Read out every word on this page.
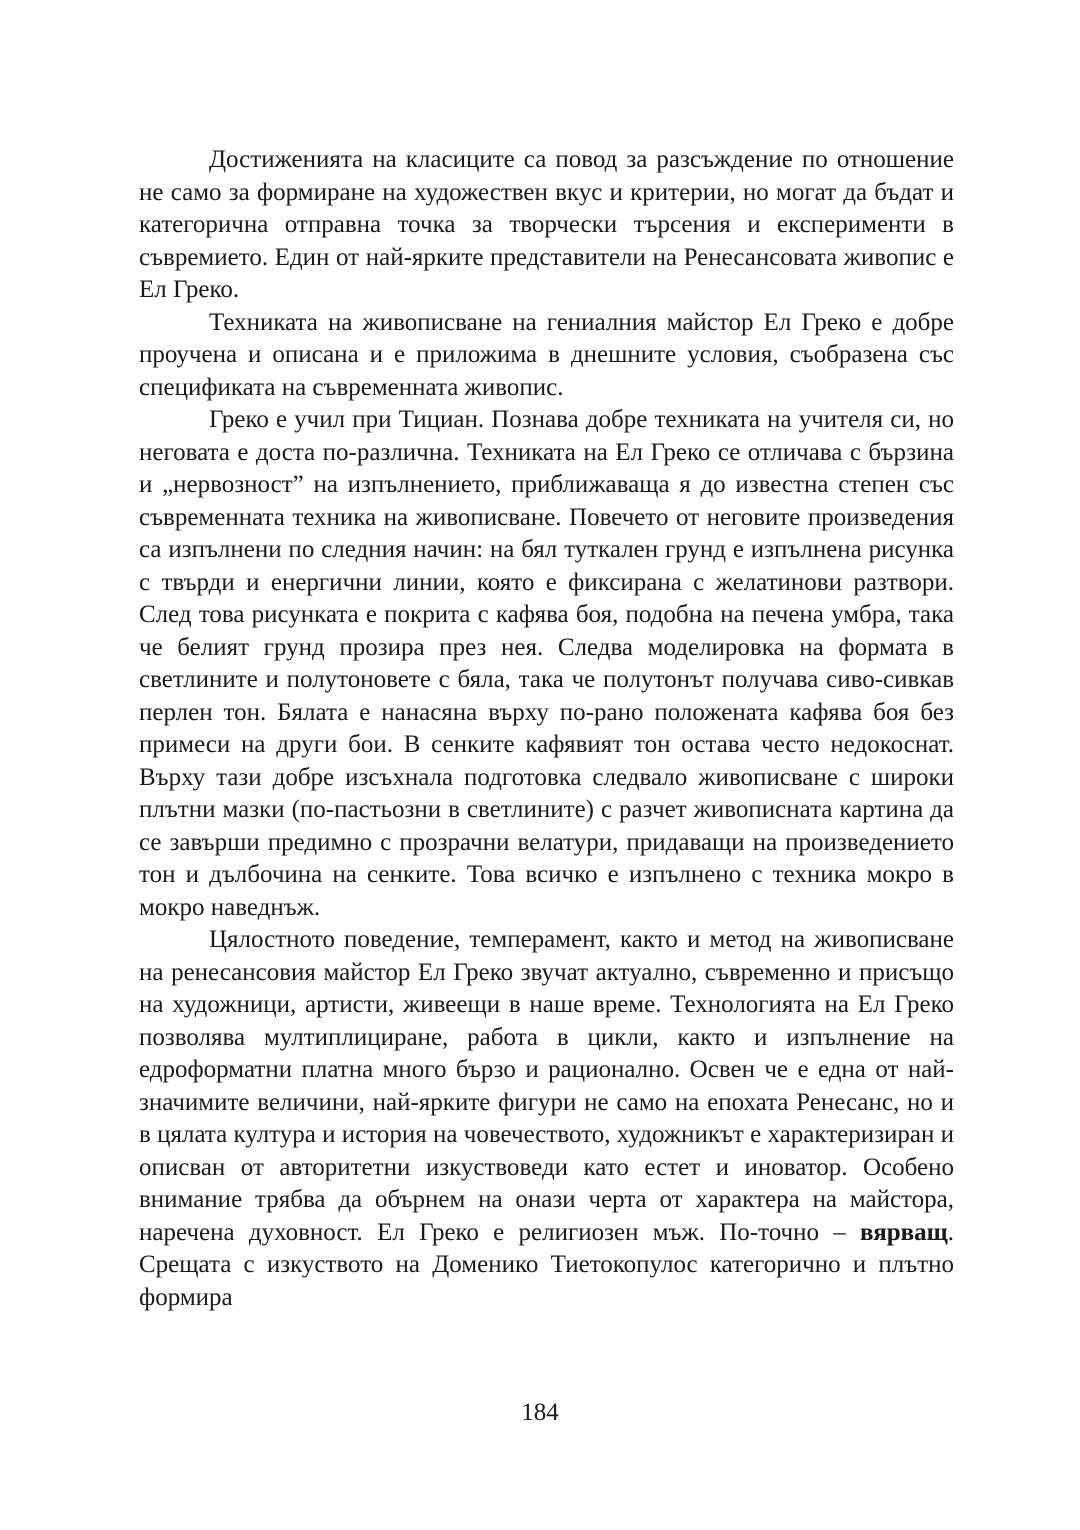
Достиженията на класиците са повод за разсъждение по отношение не само за формиране на художествен вкус и критерии, но могат да бъдат и категорична отправна точка за творчески търсения и експерименти в съвремието. Един от най-ярките представители на Ренесансовата живопис е Ел Греко.

Техниката на живописване на гениалния майстор Ел Греко е добре проучена и описана и е приложима в днешните условия, съобразена със спецификата на съвременната живопис.

Греко е учил при Тициан. Познава добре техниката на учителя си, но неговата е доста по-различна. Техниката на Ел Греко се отличава с бързина и „нервозност” на изпълнението, приближаваща я до известна степен със съвременната техника на живописване. Повечето от неговите произведения са изпълнени по следния начин: на бял туткален грунд е изпълнена рисунка с твърди и енергични линии, която е фиксирана с желатинови разтвори. След това рисунката е покрита с кафява боя, подобна на печена умбра, така че белият грунд прозира през нея. Следва моделировка на формата в светлините и полутоновете с бяла, така че полутонът получава сиво-сивкав перлен тон. Бялата е нанасяна върху по-рано положената кафява боя без примеси на други бои. В сенките кафявият тон остава често недокоснат. Върху тази добре изсъхнала подготовка следвало живописване с широки плътни мазки (по-пастьозни в светлините) с разчет живописната картина да се завърши предимно с прозрачни велатури, придаващи на произведението тон и дълбочина на сенките. Това всичко е изпълнено с техника мокро в мокро наведнъж.

Цялостното поведение, темперамент, както и метод на живописване на ренесансовия майстор Ел Греко звучат актуално, съвременно и присъщо на художници, артисти, живеещи в наше време. Технологията на Ел Греко позволява мултиплициране, работа в цикли, както и изпълнение на едроформатни платна много бързо и рационално. Освен че е една от най-значимите величини, най-ярките фигури не само на епохата Ренесанс, но и в цялата култура и история на човечеството, художникът е характеризиран и описван от авторитетни изкуствоведи като естет и иноватор. Особено внимание трябва да обърнем на онази черта от характера на майстора, наречена духовност. Ел Греко е религиозен мъж. По-точно – вярващ. Срещата с изкуството на Доменико Тиетокопулос категорично и плътно формира

184
